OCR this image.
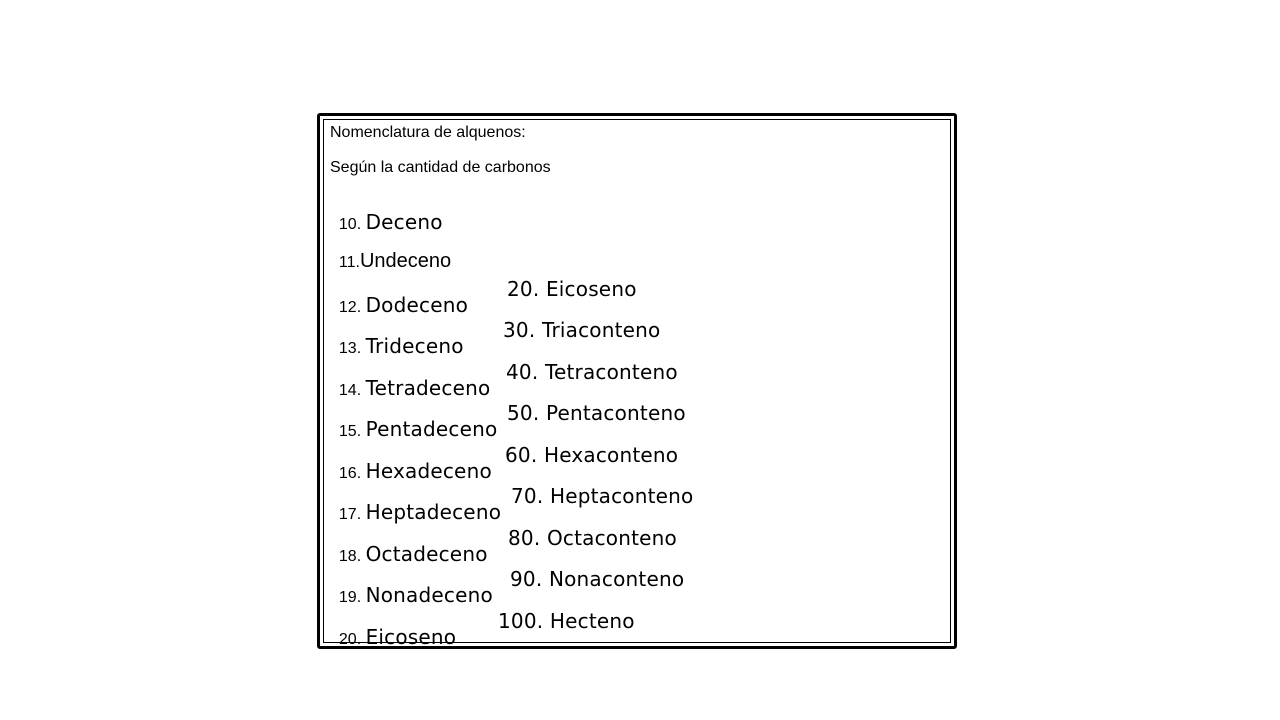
Nomenclatura de alquenos:
Según la cantidad de carbonos

10. Deceno

11.Undeceno

12. Dodeceno

20. Eicoseno

13. Trideceno

30. Triaconteno

14. Tetradeceno

40. Tetraconteno

15. Pentadeceno

50. Pentaconteno

16. Hexadeceno

60. Hexaconteno

17. Heptadeceno

70. Heptaconteno

18. Octadeceno

80. Octaconteno

19. Nonadeceno

90. Nonaconteno

20. Eicoseno

100. Hecteno
